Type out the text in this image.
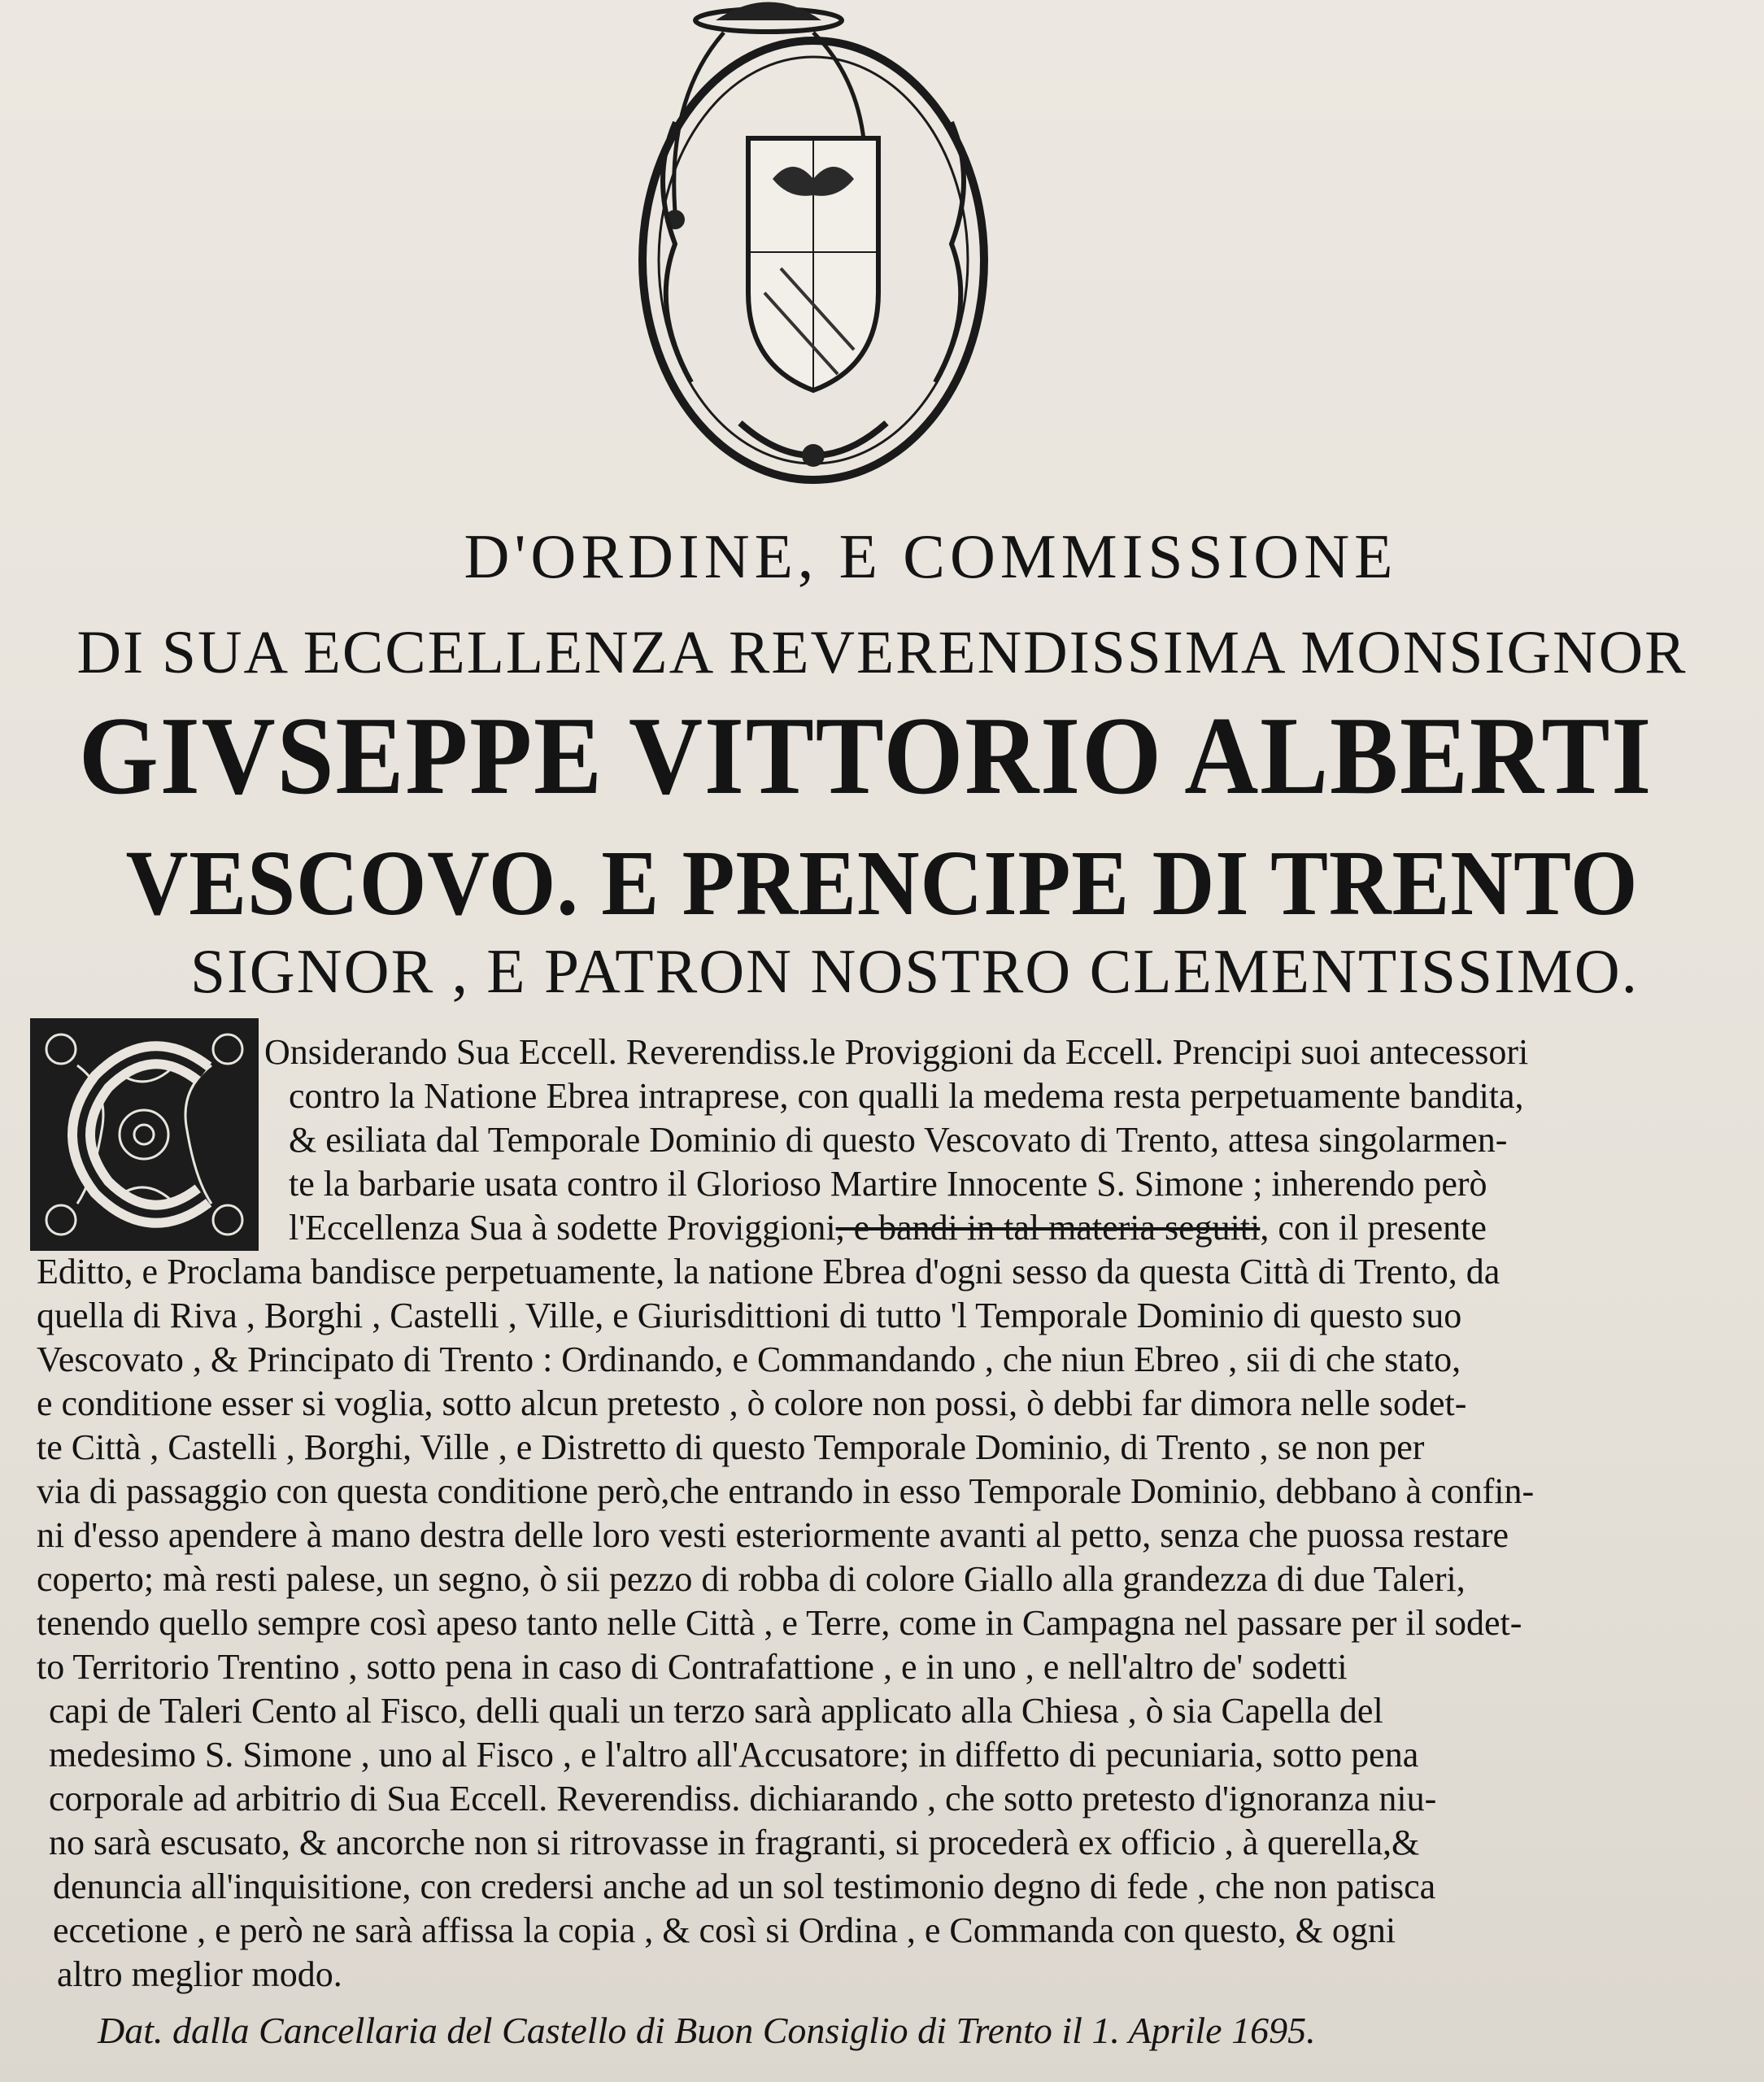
D'ORDINE, E COMMISSIONE
DI SUA ECCELLENZA REVERENDISSIMA MONSIGNOR
GIVSEPPE VITTORIO ALBERTI
VESCOVO. E PRENCIPE DI TRENTO
SIGNOR , E PATRON NOSTRO CLEMENTISSIMO.
Onsiderando Sua Eccell. Reverendiss.le Proviggioni da Eccell. Prencipi suoi antecessori
contro la Natione Ebrea intraprese, con qualli la medema resta perpetuamente bandita,
& esiliata dal Temporale Dominio di questo Vescovato di Trento, attesa singolarmen-
te la barbarie usata contro il Glorioso Martire Innocente S. Simone ; inherendo però
l'Eccellenza Sua à sodette Proviggioni, e bandi in tal materia seguiti, con il presente
Editto, e Proclama bandisce perpetuamente, la natione Ebrea d'ogni sesso da questa Città di Trento, da
quella di Riva , Borghi , Castelli , Ville, e Giurisdittioni di tutto 'l Temporale Dominio di questo suo
Vescovato , & Principato di Trento : Ordinando, e Commandando , che niun Ebreo , sii di che stato,
e conditione esser si voglia, sotto alcun pretesto , ò colore non possi, ò debbi far dimora nelle sodet-
te Città , Castelli , Borghi, Ville , e Distretto di questo Temporale Dominio, di Trento , se non per
via di passaggio con questa conditione però,che entrando in esso Temporale Dominio, debbano à confin-
ni d'esso apendere à mano destra delle loro vesti esteriormente avanti al petto, senza che puossa restare
coperto; mà resti palese, un segno, ò sii pezzo di robba di colore Giallo alla grandezza di due Taleri,
tenendo quello sempre così apeso tanto nelle Città , e Terre, come in Campagna nel passare per il sodet-
to Territorio Trentino , sotto pena in caso di Contrafattione , e in uno , e nell'altro de' sodetti
capi de Taleri Cento al Fisco, delli quali un terzo sarà applicato alla Chiesa , ò sia Capella del
medesimo S. Simone , uno al Fisco , e l'altro all'Accusatore; in diffetto di pecuniaria, sotto pena
corporale ad arbitrio di Sua Eccell. Reverendiss. dichiarando , che sotto pretesto d'ignoranza niu-
no sarà escusato, & ancorche non si ritrovasse in fragranti, si procederà ex officio , à querella,&
denuncia all'inquisitione, con credersi anche ad un sol testimonio degno di fede , che non patisca
eccetione , e però ne sarà affissa la copia , & così si Ordina , e Commanda con questo, & ogni
altro meglior modo.
Dat. dalla Cancellaria del Castello di Buon Consiglio di Trento il 1. Aprile 1695.
